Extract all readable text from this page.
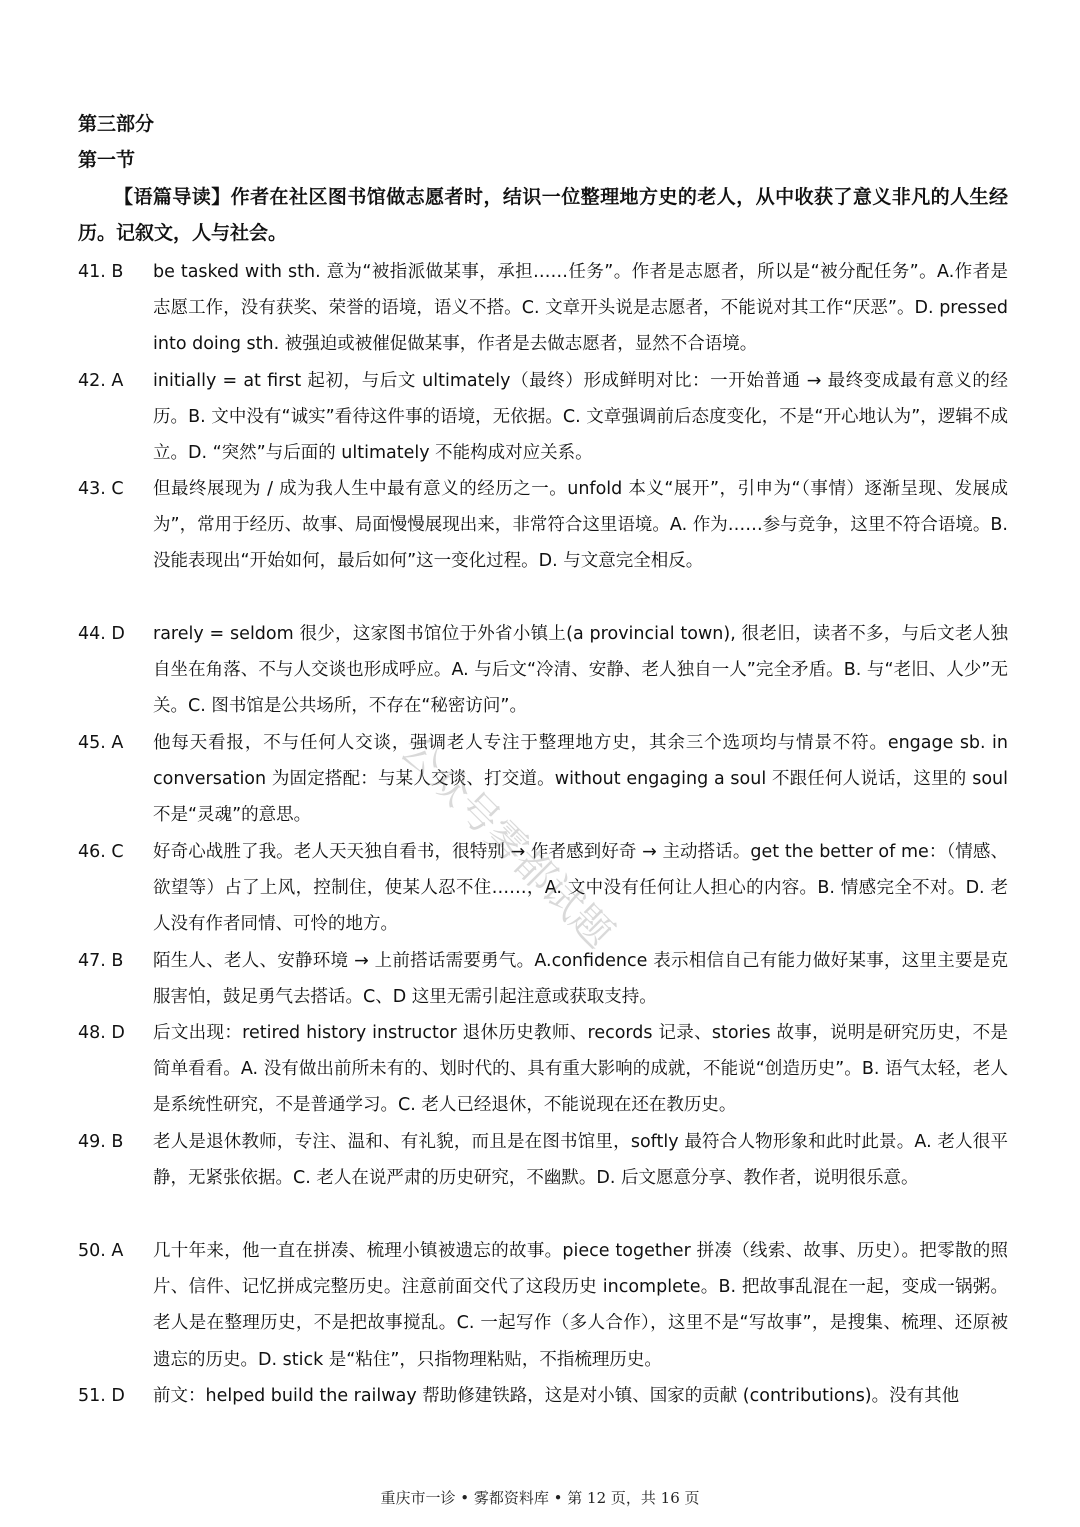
第三部分
第一节
【语篇导读】作者在社区图书馆做志愿者时，结识一位整理地方史的老人，从中收获了意义非凡的人生经历。记叙文，人与社会。
41. B	be tasked with sth. 意为“被指派做某事，承担……任务”。作者是志愿者，所以是“被分配任务”。A.作者是志愿工作，没有获奖、荣誉的语境，语义不搭。C. 文章开头说是志愿者，不能说对其工作“厌恶”。D. pressed into doing sth. 被强迫或被催促做某事，作者是去做志愿者，显然不合语境。
42. A	initially = at first 起初，与后文 ultimately（最终）形成鲜明对比：一开始普通 → 最终变成最有意义的经历。B. 文中没有“诚实”看待这件事的语境，无依据。C. 文章强调前后态度变化，不是“开心地认为”，逻辑不成立。D. “突然”与后面的 ultimately 不能构成对应关系。
43. C	但最终展现为 / 成为我人生中最有意义的经历之一。unfold 本义“展开”，引申为“（事情）逐渐呈现、发展成为”，常用于经历、故事、局面慢慢展现出来，非常符合这里语境。A. 作为……参与竞争，这里不符合语境。B. 没能表现出“开始如何，最后如何”这一变化过程。D. 与文意完全相反。
44. D	rarely = seldom 很少，这家图书馆位于外省小镇上(a provincial town), 很老旧，读者不多，与后文老人独自坐在角落、不与人交谈也形成呼应。A. 与后文“冷清、安静、老人独自一人”完全矛盾。B. 与“老旧、人少”无关。C. 图书馆是公共场所，不存在“秘密访问”。
45. A	他每天看报，不与任何人交谈，强调老人专注于整理地方史，其余三个选项均与情景不符。engage sb. in conversation 为固定搭配：与某人交谈、打交道。without engaging a soul 不跟任何人说话，这里的 soul 不是“灵魂”的意思。
46. C	好奇心战胜了我。老人天天独自看书，很特别 → 作者感到好奇 → 主动搭话。get the better of me：（情感、欲望等）占了上风，控制住，使某人忍不住……，A. 文中没有任何让人担心的内容。B. 情感完全不对。D. 老人没有作者同情、可怜的地方。
47. B	陌生人、老人、安静环境 → 上前搭话需要勇气。A.confidence 表示相信自己有能力做好某事，这里主要是克服害怕，鼓足勇气去搭话。C、D 这里无需引起注意或获取支持。
48. D	后文出现：retired history instructor 退休历史教师、records 记录、stories 故事，说明是研究历史，不是简单看看。A. 没有做出前所未有的、划时代的、具有重大影响的成就，不能说“创造历史”。B. 语气太轻，老人是系统性研究，不是普通学习。C. 老人已经退休，不能说现在还在教历史。
49. B	老人是退休教师，专注、温和、有礼貌，而且是在图书馆里，softly 最符合人物形象和此时此景。A. 老人很平静，无紧张依据。C. 老人在说严肃的历史研究，不幽默。D. 后文愿意分享、教作者，说明很乐意。
50. A	几十年来，他一直在拼凑、梳理小镇被遗忘的故事。piece together 拼凑（线索、故事、历史）。把零散的照片、信件、记忆拼成完整历史。注意前面交代了这段历史 incomplete。B. 把故事乱混在一起，变成一锅粥。老人是在整理历史，不是把故事搅乱。C. 一起写作（多人合作），这里不是“写故事”，是搜集、梳理、还原被遗忘的历史。D. stick 是“粘住”，只指物理粘贴，不指梳理历史。
51. D	前文：helped build the railway 帮助修建铁路，这是对小镇、国家的贡献 (contributions)。没有其他
公众号雾都试题
重庆市一诊 • 雾都资料库 • 第 12 页，共 16 页
